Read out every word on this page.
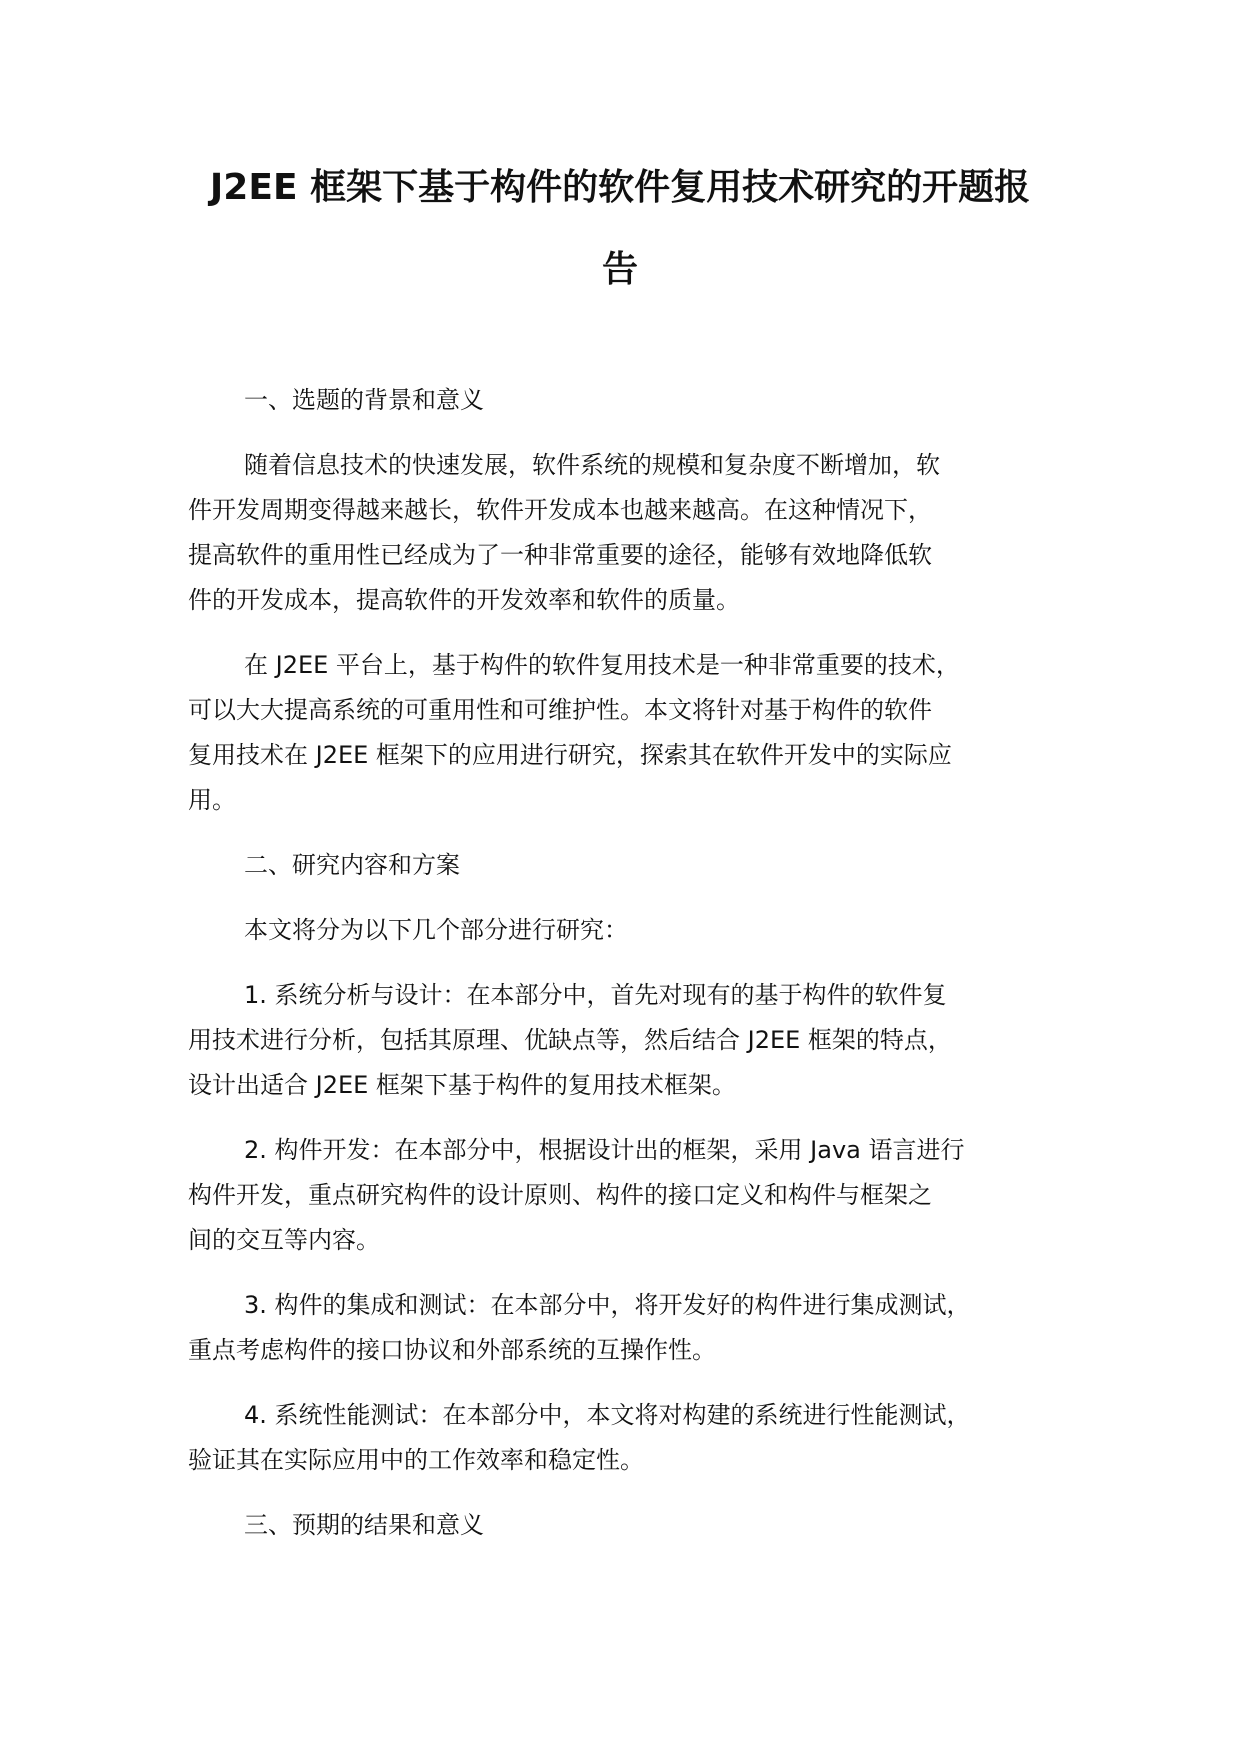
J2EE 框架下基于构件的软件复用技术研究的开题报
告
一、选题的背景和意义
随着信息技术的快速发展，软件系统的规模和复杂度不断增加，软
件开发周期变得越来越长，软件开发成本也越来越高。在这种情况下，
提高软件的重用性已经成为了一种非常重要的途径，能够有效地降低软
件的开发成本，提高软件的开发效率和软件的质量。
在 J2EE 平台上，基于构件的软件复用技术是一种非常重要的技术，
可以大大提高系统的可重用性和可维护性。本文将针对基于构件的软件
复用技术在 J2EE 框架下的应用进行研究，探索其在软件开发中的实际应
用。
二、研究内容和方案
本文将分为以下几个部分进行研究：
1. 系统分析与设计：在本部分中，首先对现有的基于构件的软件复
用技术进行分析，包括其原理、优缺点等，然后结合 J2EE 框架的特点，
设计出适合 J2EE 框架下基于构件的复用技术框架。
2. 构件开发：在本部分中，根据设计出的框架，采用 Java 语言进行
构件开发，重点研究构件的设计原则、构件的接口定义和构件与框架之
间的交互等内容。
3. 构件的集成和测试：在本部分中，将开发好的构件进行集成测试，
重点考虑构件的接口协议和外部系统的互操作性。
4. 系统性能测试：在本部分中，本文将对构建的系统进行性能测试，
验证其在实际应用中的工作效率和稳定性。
三、预期的结果和意义
